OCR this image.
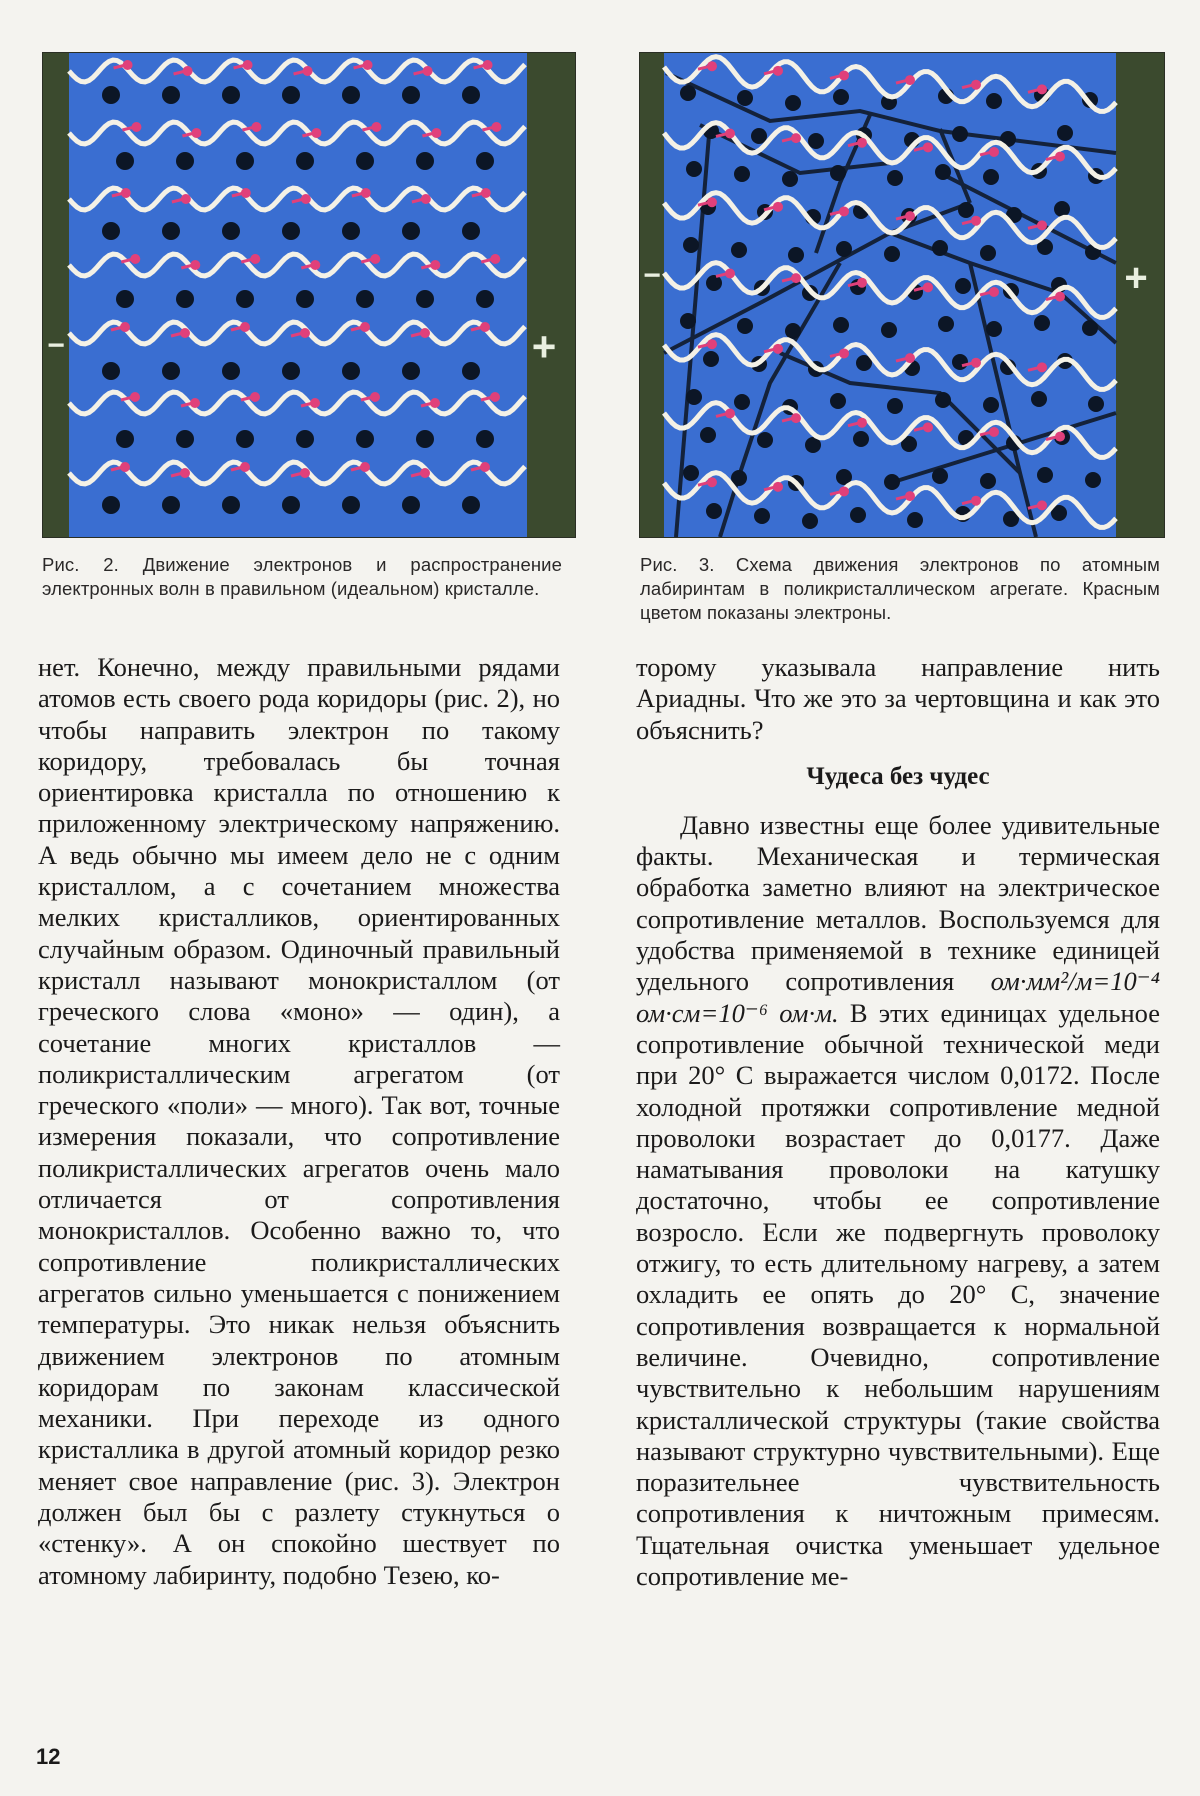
−	+
−	+
Рис. 2. Движение электронов и распространение электронных волн в правильном (идеальном) кристалле.
Рис. 3. Схема движения электронов по атомным лабиринтам в поликристаллическом агрегате. Красным цветом показаны электроны.

нет. Конечно, между правильными рядами атомов есть своего рода коридоры (рис. 2), но чтобы направить электрон по такому коридору, требовалась бы точная ориентировка кристалла по отношению к приложенному электрическому напряжению. А ведь обычно мы имеем дело не с одним кристаллом, а с сочетанием множества мелких кристалликов, ориентированных случайным образом. Одиночный правильный кристалл называют монокристаллом (от греческого слова «моно» — один), а сочетание многих кристаллов — поликристаллическим агрегатом (от греческого «поли» — много). Так вот, точные измерения показали, что сопротивление поликристаллических агрегатов очень мало отличается от сопротивления монокристаллов. Особенно важно то, что сопротивление поликристаллических агрегатов сильно уменьшается с понижением температуры. Это никак нельзя объяснить движением электронов по атомным коридорам по законам классической механики. При переходе из одного кристаллика в другой атомный коридор резко меняет свое направление (рис. 3). Электрон должен был бы с разлету стукнуться о «стенку». А он спокойно шествует по атомному лабиринту, подобно Тезею, ко-

торому указывала направление нить Ариадны. Что же это за чертовщина и как это объяснить?

Чудеса без чудес

Давно известны еще более удивительные факты. Механическая и термическая обработка заметно влияют на электрическое сопротивление металлов. Воспользуемся для удобства применяемой в технике единицей удельного сопротивления ом·мм²/м=10⁻⁴ ом·см=10⁻⁶ ом·м. В этих единицах удельное сопротивление обычной технической меди при 20° С выражается числом 0,0172. После холодной протяжки сопротивление медной проволоки возрастает до 0,0177. Даже наматывания проволоки на катушку достаточно, чтобы ее сопротивление возросло. Если же подвергнуть проволоку отжигу, то есть длительному нагреву, а затем охладить ее опять до 20° С, значение сопротивления возвращается к нормальной величине. Очевидно, сопротивление чувствительно к небольшим нарушениям кристаллической структуры (такие свойства называют структурно чувствительными). Еще поразительнее чувствительность сопротивления к ничтожным примесям. Тщательная очистка уменьшает удельное сопротивление ме-

12
